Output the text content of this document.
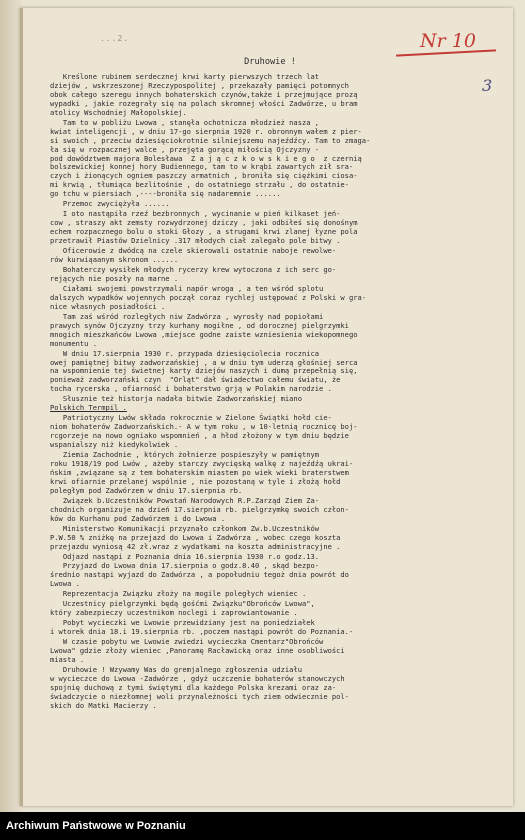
...2.	Nr 10
3
Druhowie !

Kreślone rubinem serdecznej krwi karty pierwszych trzech lat
dziejów , wskrzeszonej Rzeczypospolitej , przekazały pamięci potomnych
obok całego szeregu innych bohaterskich czynów,także i przejmujące prozą
wypadki , jakie rozegrały się na polach skromnej włości Zadwórze, u bram
atolicy Wschodniej Małopolskiej.

Tam to w pobliżu Lwowa , stanęła ochotnicza młodzież nasza ,
kwiat inteligencji , w dniu 17-go sierpnia 1920 r. obronnym wałem z pier-
si swoich , przeciw dziesięciokrotnie silniejszemu najeźdźcy. Tam to zmaga-
ła się w rozpacznej walce , przejęta gorącą miłością Ojczyzny -
pod dowództwem majora Bolesława  Z a j ą c z k o w s k i e g o  z czernią
bolszewickiej konnej hory Budiennego, tam to w krąbi zawartych ził sra-
czych i żionących ogniem paszczy armatnich , broniła się ciężkimi ciosa-
mi krwią , tłumiąca bezlitośnie , do ostatniego strzału , do ostatnie-
go tchu w piersiach ,----broniła się nadaremnie ......

Przemoc zwyciężyła ......

I oto nastąpiła rzeź bezbronnych , wycinanie w pień kilkaset jeń-
cow , straszy akt zemsty rozwydrzonej dziczy , jaki odbiłeś się donośnym
echem rozpacznego bolu o stoki Głozy , a strugami krwi zlanej łyzne pola
przetrawił Piastów Dzielnicy .317 młodych ciał zalegało pole bitwy .

Oficerowie z dwódcą na czele skierowali ostatnie naboje rewolwe-
rów kurwiąaanym skronom ......

Bohaterczy wysiłek młodych rycerzy krew wytoczona z ich serc go-
rejących nie poszły na marne .

Ciałami swojemi powstrzymali napór wroga , a ten wśród splotu
dalszych wypadków wojennych począł coraz rychlej ustępować z Polski w gra-
nice własnych posiadłości .

Tam zaś wśród rozległych niw Zadwórza , wyrosły nad popiołami
prawych synów Ojczyzny trzy kurhany mogiłne , od dorocznej pielgrzymki
mnogich mieszkańców Lwowa ,miejsce godne zaiste wzniesienia wiekopomnego
monumentu .

W dniu 17.sierpnia 1930 r. przypada dziesięciolecia rocznica
owej pamiętnej bitwy zadworzańskiej , a w dniu tym uderzą głośniej serca
na wspomnienie tej świetnej karty dziejów naszych i dumą przepełnią się,
ponieważ zadworzański czyn  "Orląt" dał świadectwo całemu światu, że
tocha rycerska , ofiarność i bohaterstwo grją w Polakim narodzie .

Słusznie też historja nadała bitwie Zadworzańskiej miano
Polskich Termpil .

Patriotyczny Lwów składa rokrocznie w Zielone Świątki hołd cie-
niom bohaterów Zadworzańskich.- A w tym roku , w 10-letnią rocznicę boj-
rcgorzeje na nowo ogniako wspomnień , a hłod złożony w tym dniu będzie
wspanialszy niż kiedykolwiek .

Ziemia Zachodnie , których żołnierze pospieszyły w pamiętnym
roku 1918/19 pod Lwów , ażeby starczy zwycięską walkę z najeźdźą ukrai-
ńskim ,związane są z tem bohaterskim miastem po wiek wieki braterstwem
krwi ofiarnie przelanej wspólnie , nie pozostaną w tyle i złożą hołd
poległym pod Zadwórzem w dniu 17.sierpnia rb.

Związek b.Uczestników Powstań Narodowych R.P.Zarząd Ziem Za-
chodnich organizuje na dzień 17.sierpnia rb. pielgrzymkę swoich człon-
ków do Kurhanu pod Zadwórzem i do Lwowa .

Ministerstwo Komunikacji przyznało członkom Zw.b.Uczestników
P.W.50 % zniżkę na przejazd do Lwowa i Zadwórza , wobec czego koszta
przejazdu wyniosą 42 zł.wraz z wydatkami na koszta administracyjne .

Odjazd nastąpi z Poznania dnia 16.sierpnia 1930 r.o godz.13.

Przyjazd do Lwowa dnia 17.sierpnia o godz.8.40 , skąd bezpo-
średnio nastąpi wyjazd do Zadwórza , a popołudniu tegoż dnia powrót do
Lwowa .

Reprezentacja Związku złoży na mogile poległych wieniec .

Uczestnicy pielgrzymki będą gośćmi Związku"Obrońców Lwowa",
który zabezpieczy uczestnikom noclegi i zaprowiantowanie .

Pobyt wycieczki we Lwowie przewidziany jest na poniedziałek
i wtorek dnia 18.i 19.sierpnia rb. ,poczem nastąpi powrót do Poznania.-

W czasie pobytu we Lwowie zwiedzi wycieczka Cmentarz"Obrońców
Lwowa" gdzie złoży wieniec ,Panoramę Racławicką oraz inne osobliwości
miasta .

Druhowie ! Wzywamy Was do gremjalnego zgłoszenia udziału
w wycieczce do Lwowa -Zadwórze , gdyż uczczenie bohaterów stanowczych
spojnię duchową z tymi świętymi dla każdego Polska krezami oraz za-
świadczycie o niezłomnej woli przynależności tych ziem odwiecznie pol-
skich do Matki Macierzy .

Archiwum Państwowe w Poznaniu
